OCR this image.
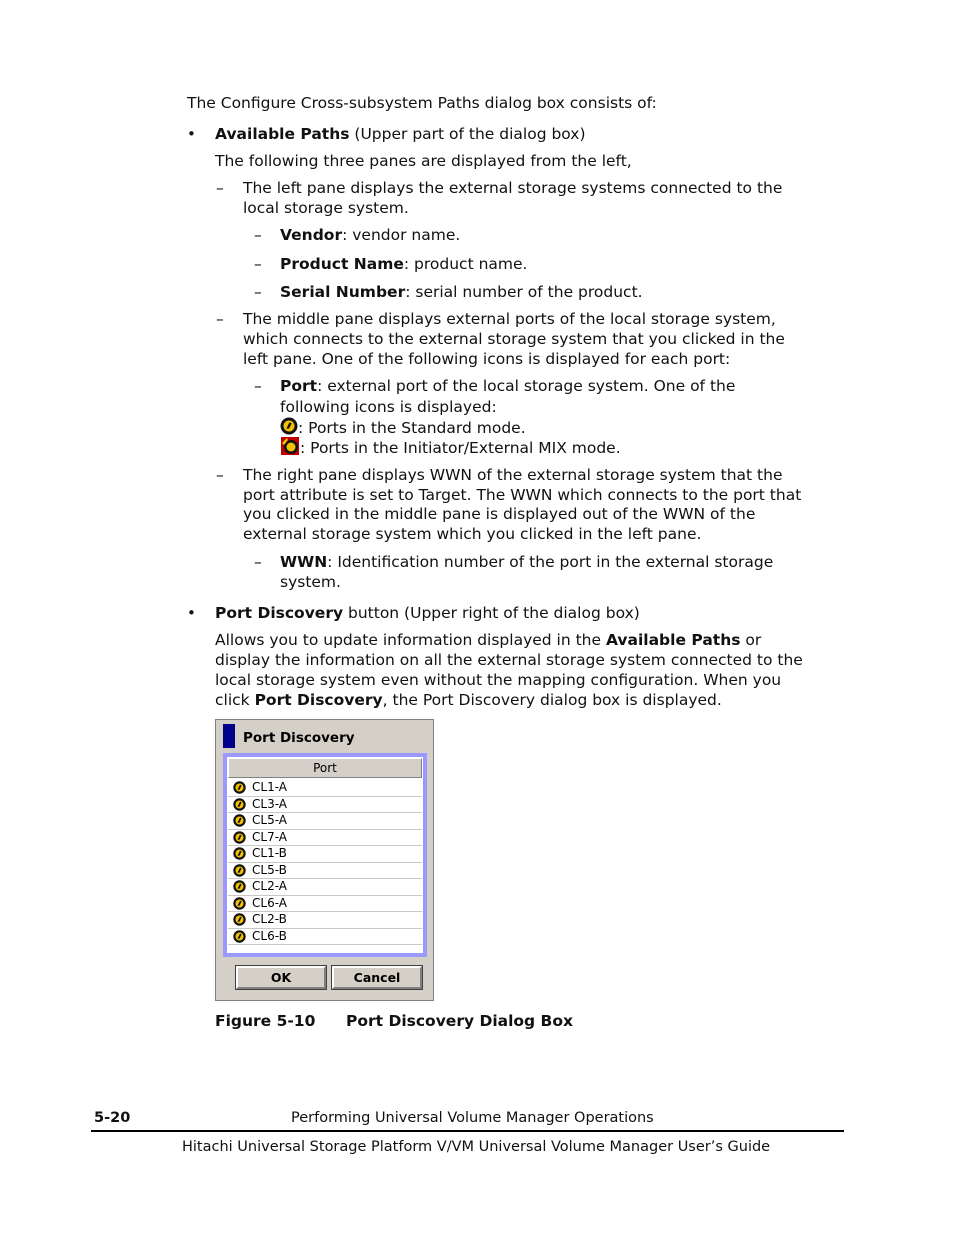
The Configure Cross-subsystem Paths dialog box consists of:
• Available Paths (Upper part of the dialog box)
The following three panes are displayed from the left,
– The left pane displays the external storage systems connected to the
local storage system.
– Vendor: vendor name.
– Product Name: product name.
– Serial Number: serial number of the product.
– The middle pane displays external ports of the local storage system,
which connects to the external storage system that you clicked in the
left pane. One of the following icons is displayed for each port:
– Port: external port of the local storage system. One of the
following icons is displayed:
: Ports in the Standard mode.
: Ports in the Initiator/External MIX mode.
– The right pane displays WWN of the external storage system that the
port attribute is set to Target. The WWN which connects to the port that
you clicked in the middle pane is displayed out of the WWN of the
external storage system which you clicked in the left pane.
– WWN: Identification number of the port in the external storage
system.
• Port Discovery button (Upper right of the dialog box)
Allows you to update information displayed in the Available Paths or
display the information on all the external storage system connected to the
local storage system even without the mapping configuration. When you
click Port Discovery, the Port Discovery dialog box is displayed.
Port Discovery
Port
CL1-A
CL3-A
CL5-A
CL7-A
CL1-B
CL5-B
CL2-A
CL6-A
CL2-B
CL6-B
OK	Cancel
Figure 5-10 Port Discovery Dialog Box
5-20	Performing Universal Volume Manager Operations
Hitachi Universal Storage Platform V/VM Universal Volume Manager User’s Guide
